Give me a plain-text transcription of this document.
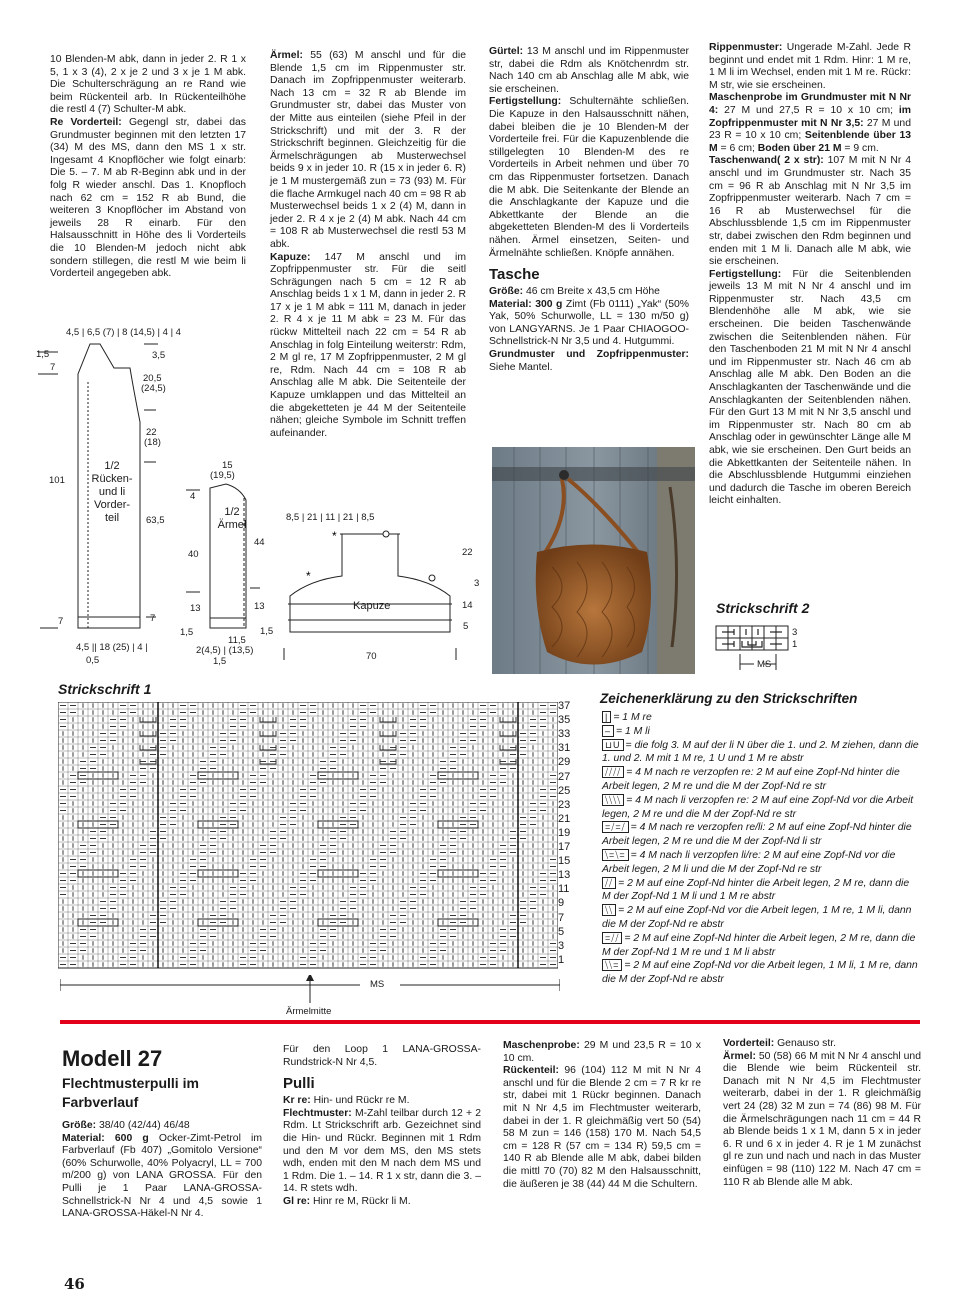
10 Blenden-M abk, dann in jeder 2. R 1 x 5, 1 x 3 (4), 2 x je 2 und 3 x je 1 M abk. Die Schulterschrägung an re Rand wie beim Rückenteil arb. In Rückenteilhöhe die restl 4 (7) Schulter-M abk.

Re Vorderteil: Gegengl str, dabei das Grundmuster beginnen mit den letzten 17 (34) M des MS, dann den MS 1 x str. Ingesamt 4 Knopflöcher wie folgt einarb: Die 5. – 7. M ab R-Beginn abk und in der folg R wieder anschl. Das 1. Knopfloch nach 62 cm = 152 R ab Bund, die weiteren 3 Knopflöcher im Abstand von jeweils 28 R einarb. Für den Halsausschnitt in Höhe des li Vorderteils die 10 Blenden-M jedoch nicht abk sondern stillegen, die restl M wie beim li Vorderteil angegeben abk.

Ärmel: 55 (63) M anschl und für die Blende 1,5 cm im Rippenmuster str. Danach im Zopfrippenmuster weiterarb. Nach 13 cm = 32 R ab Blende im Grundmuster str, dabei das Muster von der Mitte aus einteilen (siehe Pfeil in der Strickschrift) und mit der 3. R der Strickschrift beginnen. Gleichzeitig für die Ärmelschrägungen ab Musterwechsel beids 9 x in jeder 10. R (15 x in jeder 6. R) je 1 M mustergemäß zun = 73 (93) M. Für die flache Armkugel nach 40 cm = 98 R ab Musterwechsel beids 1 x 2 (4) M, dann in jeder 2. R 4 x je 2 (4) M abk. Nach 44 cm = 108 R ab Musterwechsel die restl 53 M abk.

Kapuze: 147 M anschl und im Zopfrippenmuster str. Für die seitl Schrägungen nach 5 cm = 12 R ab Anschlag beids 1 x 1 M, dann in jeder 2. R 17 x je 1 M abk = 111 M, danach in jeder 2. R 4 x je 11 M abk = 23 M. Für das rückw Mittelteil nach 22 cm = 54 R ab Anschlag in folg Einteilung weiterstr: Rdm, 2 M gl re, 17 M Zopfrippenmuster, 2 M gl re, Rdm. Nach 44 cm = 108 R ab Anschlag alle M abk. Die Seitenteile der Kapuze umklappen und das Mittelteil an die abgeketteten je 44 M der Seitenteile nähen; gleiche Symbole im Schnitt treffen aufeinander.

Gürtel: 13 M anschl und im Rippenmuster str, dabei die Rdm als Knötchenrdm str. Nach 140 cm ab Anschlag alle M abk, wie sie erscheinen.

Fertigstellung: Schulternähte schließen. Die Kapuze in den Halsausschnitt nähen, dabei bleiben die je 10 Blenden-M der Vorderteile frei. Für die Kapuzenblende die stillgelegten 10 Blenden-M des re Vorderteils in Arbeit nehmen und über 70 cm das Rippenmuster fortsetzen. Danach die M abk. Die Seitenkante der Blende an die Anschlagkante der Kapuze und die Abkettkante der Blende an die abgeketteten Blenden-M des li Vorderteils nähen. Ärmel einsetzen, Seiten- und Ärmelnähte schließen. Knöpfe annähen.

Tasche

Größe: 46 cm Breite x 43,5 cm Höhe

Material: 300 g Zimt (Fb 0111) „Yak“ (50% Yak, 50% Schurwolle, LL = 130 m/50 g) von LANGYARNS. Je 1 Paar CHIAOGOO-Schnellstrick-N Nr 3,5 und 4. Hutgummi.

Grundmuster und Zopfrippenmuster: Siehe Mantel.

Rippenmuster: Ungerade M-Zahl. Jede R beginnt und endet mit 1 Rdm. Hinr: 1 M re, 1 M li im Wechsel, enden mit 1 M re. Rückr: M str, wie sie erscheinen.

Maschenprobe im Grundmuster mit N Nr 4: 27 M und 27,5 R = 10 x 10 cm; im Zopfrippenmuster mit N Nr 3,5: 27 M und 23 R = 10 x 10 cm; Seitenblende über 13 M = 6 cm; Boden über 21 M = 9 cm.

Taschenwand( 2 x str): 107 M mit N Nr 4 anschl und im Grundmuster str. Nach 35 cm = 96 R ab Anschlag mit N Nr 3,5 im Zopfrippenmuster weiterarb. Nach 7 cm = 16 R ab Musterwechsel für die Abschlussblende 1,5 cm im Rippenmuster str, dabei zwischen den Rdm beginnen und enden mit 1 M li. Danach alle M abk, wie sie erscheinen.

Fertigstellung: Für die Seitenblenden jeweils 13 M mit N Nr 4 anschl und im Rippenmuster str. Nach 43,5 cm Blendenhöhe alle M abk, wie sie erscheinen. Die beiden Taschenwände zwischen die Seitenblenden nähen. Für den Taschenboden 21 M mit N Nr 4 anschl und im Rippenmuster str. Nach 46 cm ab Anschlag alle M abk. Den Boden an die Anschlagkanten der Taschenwände und die Anschlagkanten der Seitenblenden nähen. Für den Gurt 13 M mit N Nr 3,5 anschl und im Rippenmuster str. Nach 80 cm ab Anschlag oder in gewünschter Länge alle M abk, wie sie erscheinen. Den Gurt beids an die Abkettkanten der Seitenteile nähen. In die Abschlussblende Hutgummi einziehen und dadurch die Tasche im oberen Bereich leicht einhalten.

Strickschrift 2
3
1
MS
4,5 | 6,5 (7) | 8 (14,5) | 4 | 4
1,5
7
3,5
20,5
(24,5)
22
(18)
101
63,5
1/2
Rücken-
und li
Vorder-
teil
7	7
4,5 || 18 (25) | 4 |
0,5
15
(19,5)
4
1/2
Ärmel
44
40
13	13
1,5	1,5
11,5
2(4,5) | (13,5)
1,5
*
*
8,5 | 21 | 11 | 21 | 8,5
Kapuze
22
3
14
5
70
Strickschrift 1
37
35
33
31
29
27
25
23
21
19
17
15
13
11
9
7
5
3
1
MS
Ärmelmitte
Zeichenerklärung zu den Strickschriften

| = 1 M re

– = 1 M li

⊔U = die folg 3. M auf der li N über die 1. und 2. M ziehen, dann die 1. und 2. M mit 1 M re, 1 U und 1 M re abstr

⧸⧸⧸⧸ = 4 M nach re verzopfen re: 2 M auf eine Zopf-Nd hinter die Arbeit legen, 2 M re und die M der Zopf-Nd re str

⧹⧹⧹⧹ = 4 M nach li verzopfen re: 2 M auf eine Zopf-Nd vor die Arbeit legen, 2 M re und die M der Zopf-Nd re str

=⧸=⧸ = 4 M nach re verzopfen re/li: 2 M auf eine Zopf-Nd hinter die Arbeit legen, 2 M re und die M der Zopf-Nd li str

⧹=⧹= = 4 M nach li verzopfen li/re: 2 M auf eine Zopf-Nd vor die Arbeit legen, 2 M li und die M der Zopf-Nd re str

⧸⧸ = 2 M auf eine Zopf-Nd hinter die Arbeit legen, 2 M re, dann die M der Zopf-Nd 1 M li und 1 M re abstr

⧹⧹ = 2 M auf eine Zopf-Nd vor die Arbeit legen, 1 M re, 1 M li, dann die M der Zopf-Nd re abstr

=⧸⧸ = 2 M auf eine Zopf-Nd hinter die Arbeit legen, 2 M re, dann die M der Zopf-Nd 1 M re und 1 M li abstr

⧹⧹= = 2 M auf eine Zopf-Nd vor die Arbeit legen, 1 M li, 1 M re, dann die M der Zopf-Nd re abstr

Modell 27
Flechtmusterpulli im Farbverlauf

Größe: 38/40 (42/44) 46/48

Material: 600 g Ocker-Zimt-Petrol im Farbverlauf (Fb 407) „Gomitolo Versione“ (60% Schurwolle, 40% Polyacryl, LL = 700 m/200 g) von LANA GROSSA. Für den Pulli je 1 Paar LANA-GROSSA-Schnellstrick-N Nr 4 und 4,5 sowie 1 LANA-GROSSA-Häkel-N Nr 4.

Für den Loop 1 LANA-GROSSA-Rundstrick-N Nr 4,5.

Pulli

Kr re: Hin- und Rückr re M.

Flechtmuster: M-Zahl teilbar durch 12 + 2 Rdm. Lt Strickschrift arb. Gezeichnet sind die Hin- und Rückr. Beginnen mit 1 Rdm und den M vor dem MS, den MS stets wdh, enden mit den M nach dem MS und 1 Rdm. Die 1. – 14. R 1 x str, dann die 3. – 14. R stets wdh.

Gl re: Hinr re M, Rückr li M.

Maschenprobe: 29 M und 23,5 R = 10 x 10 cm.

Rückenteil: 96 (104) 112 M mit N Nr 4 anschl und für die Blende 2 cm = 7 R kr re str, dabei mit 1 Rückr beginnen. Danach mit N Nr 4,5 im Flechtmuster weiterarb, dabei in der 1. R gleichmäßig vert 50 (54) 58 M zun = 146 (158) 170 M. Nach 54,5 cm = 128 R (57 cm = 134 R) 59,5 cm = 140 R ab Blende alle M abk, dabei bilden die mittl 70 (70) 82 M den Halsausschnitt, die äußeren je 38 (44) 44 M die Schultern.

Vorderteil: Genauso str.

Ärmel: 50 (58) 66 M mit N Nr 4 anschl und die Blende wie beim Rückenteil str. Danach mit N Nr 4,5 im Flechtmuster weiterarb, dabei in der 1. R gleichmäßig vert 24 (28) 32 M zun = 74 (86) 98 M. Für die Ärmelschrägungen nach 11 cm = 44 R ab Blende beids 1 x 1 M, dann 5 x in jeder 6. R und 6 x in jeder 4. R je 1 M zunächst gl re zun und nach und nach in das Muster einfügen = 98 (110) 122 M. Nach 47 cm = 110 R ab Blende alle M abk.

46
